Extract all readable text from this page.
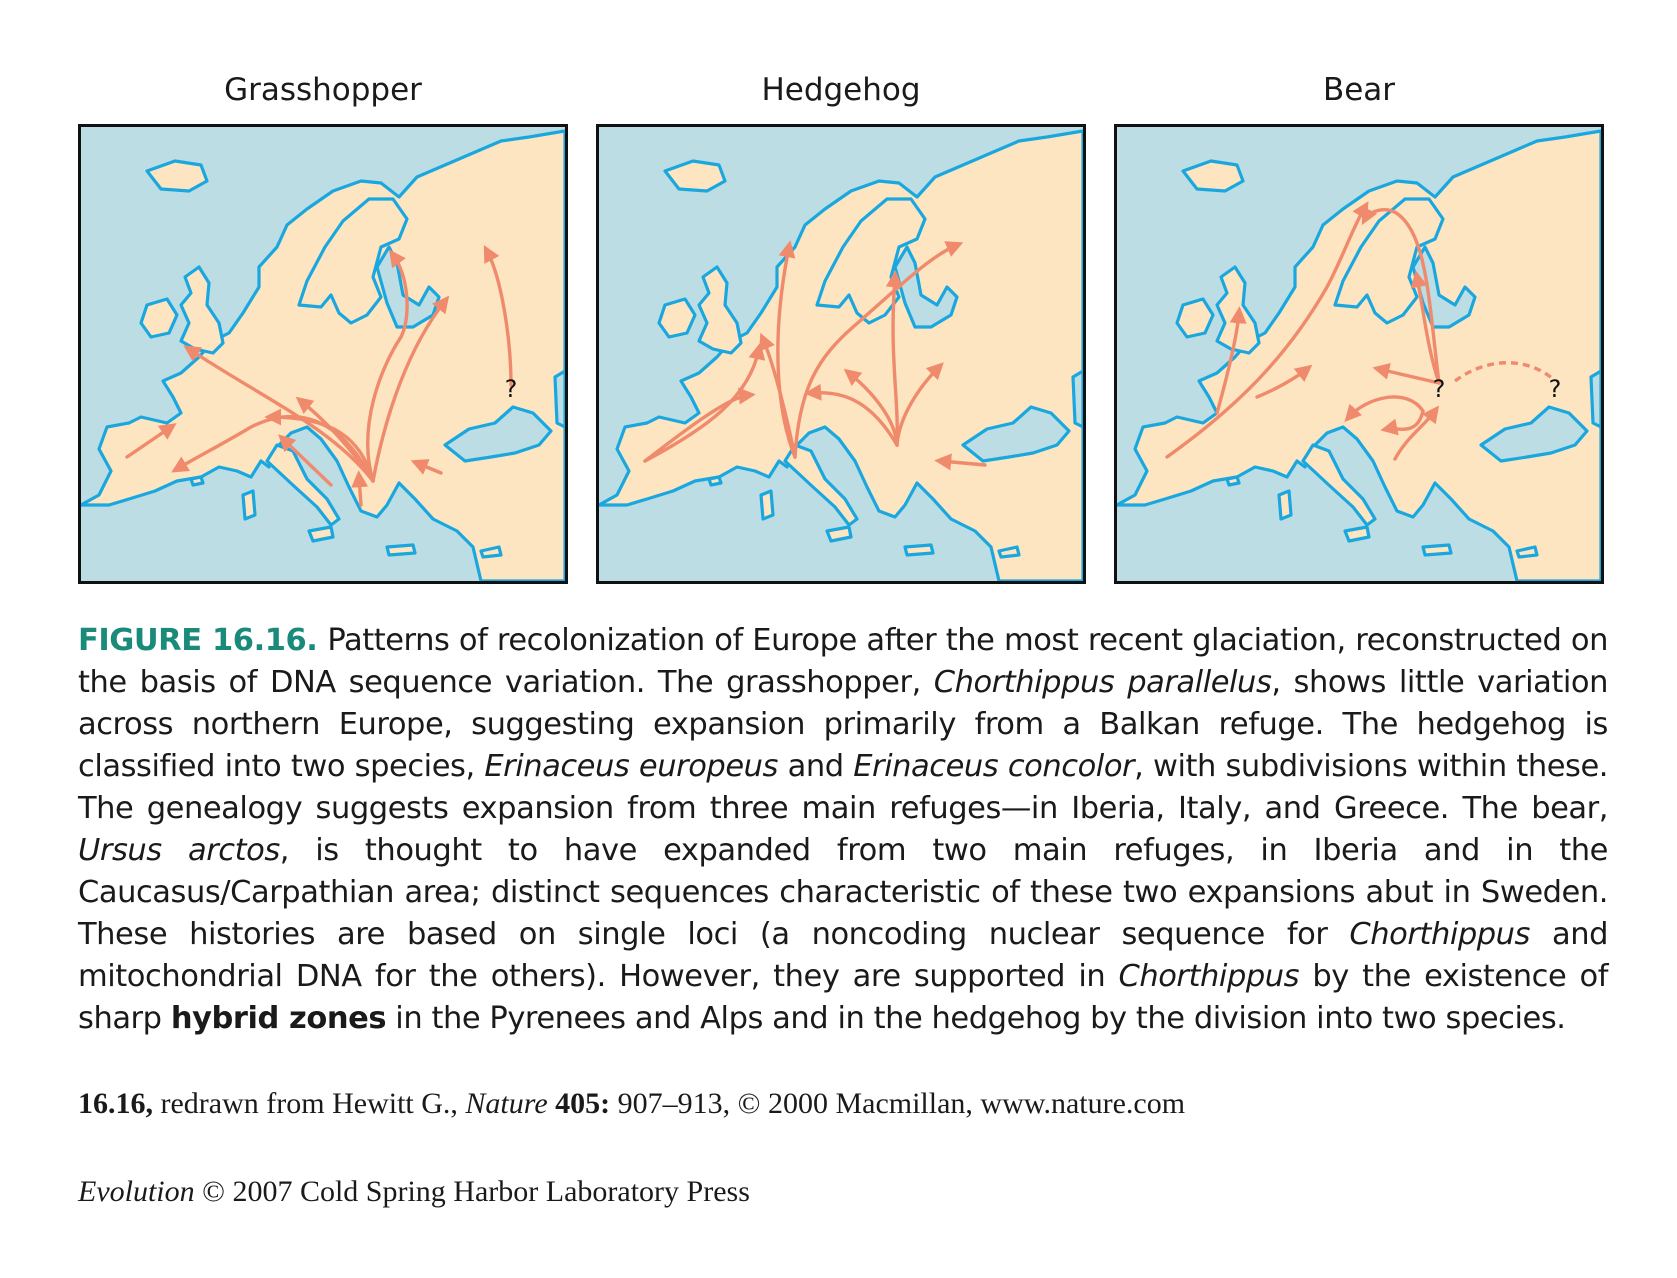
Grasshopper	Hedgehog	Bear
?	?	?
FIGURE 16.16. Patterns of recolonization of Europe after the most recent glaciation, reconstructed on the basis of DNA sequence variation. The grasshopper, Chorthippus parallelus, shows little variation across northern Europe, suggesting expansion primarily from a Balkan refuge. The hedgehog is classified into two species, Erinaceus europeus and Erinaceus concolor, with subdivisions within these. The genealogy suggests expansion from three main refuges—in Iberia, Italy, and Greece. The bear, Ursus arctos, is thought to have expanded from two main refuges, in Iberia and in the Caucasus/Carpathian area; distinct sequences characteristic of these two expansions abut in Sweden. These histories are based on single loci (a noncoding nuclear sequence for Chorthippus and mitochondrial DNA for the others). However, they are supported in Chorthippus by the existence of sharp hybrid zones in the Pyrenees and Alps and in the hedgehog by the division into two species.
16.16, redrawn from Hewitt G., Nature 405: 907–913, © 2000 Macmillan, www.nature.com
Evolution © 2007 Cold Spring Harbor Laboratory Press
